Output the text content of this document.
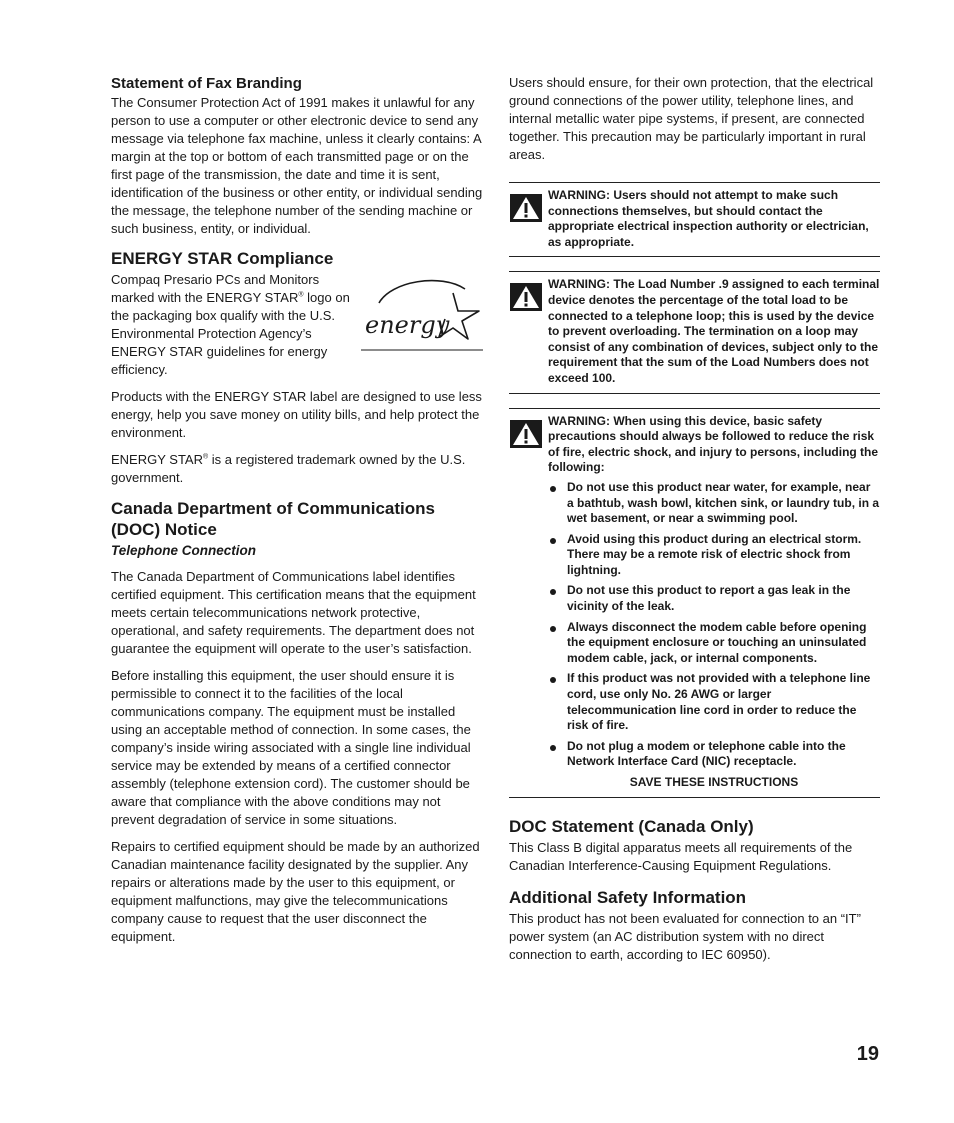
Statement of Fax Branding

The Consumer Protection Act of 1991 makes it unlawful for any person to use a computer or other electronic device to send any message via telephone fax machine, unless it clearly contains: A margin at the top or bottom of each transmitted page or on the first page of the transmission, the date and time it is sent, identification of the business or other entity, or individual sending the message, the telephone number of the sending machine or such business, entity, or individual.

ENERGY STAR Compliance

Compaq Presario PCs and Monitors marked with the ENERGY STAR® logo on the packaging box qualify with the U.S. Environmental Protection Agency’s ENERGY STAR guidelines for energy efficiency.

energy

Products with the ENERGY STAR label are designed to use less energy, help you save money on utility bills, and help protect the environment.

ENERGY STAR® is a registered trademark owned by the U.S. government.

Canada Department of Communications (DOC) Notice
Telephone Connection

The Canada Department of Communications label identifies certified equipment. This certification means that the equipment meets certain telecommunications network protective, operational, and safety requirements. The department does not guarantee the equipment will operate to the user’s satisfaction.

Before installing this equipment, the user should ensure it is permissible to connect it to the facilities of the local communications company. The equipment must be installed using an acceptable method of connection. In some cases, the company’s inside wiring associated with a single line individual service may be extended by means of a certified connector assembly (telephone extension cord). The customer should be aware that compliance with the above conditions may not prevent degradation of service in some situations.

Repairs to certified equipment should be made by an authorized Canadian maintenance facility designated by the supplier. Any repairs or alterations made by the user to this equipment, or equipment malfunctions, may give the telecommunications company cause to request that the user disconnect the equipment.

Users should ensure, for their own protection, that the electrical ground connections of the power utility, telephone lines, and internal metallic water pipe systems, if present, are connected together. This precaution may be particularly important in rural areas.

WARNING: Users should not attempt to make such connections themselves, but should contact the appropriate electrical inspection authority or electrician, as appropriate.
WARNING: The Load Number .9 assigned to each terminal device denotes the percentage of the total load to be connected to a telephone loop; this is used by the device to prevent overloading. The termination on a loop may consist of any combination of devices, subject only to the requirement that the sum of the Load Numbers does not exceed 100.
WARNING: When using this device, basic safety precautions should always be followed to reduce the risk of fire, electric shock, and injury to persons, including the following:
Do not use this product near water, for example, near a bathtub, wash bowl, kitchen sink, or laundry tub, in a wet basement, or near a swimming pool.
Avoid using this product during an electrical storm. There may be a remote risk of electric shock from lightning.
Do not use this product to report a gas leak in the vicinity of the leak.
Always disconnect the modem cable before opening the equipment enclosure or touching an uninsulated modem cable, jack, or internal components.
If this product was not provided with a telephone line cord, use only No. 26 AWG or larger telecommunication line cord in order to reduce the risk of fire.
Do not plug a modem or telephone cable into the Network Interface Card (NIC) receptacle.
SAVE THESE INSTRUCTIONS
DOC Statement (Canada Only)

This Class B digital apparatus meets all requirements of the Canadian Interference-Causing Equipment Regulations.

Additional Safety Information

This product has not been evaluated for connection to an “IT” power system (an AC distribution system with no direct connection to earth, according to IEC 60950).

19
